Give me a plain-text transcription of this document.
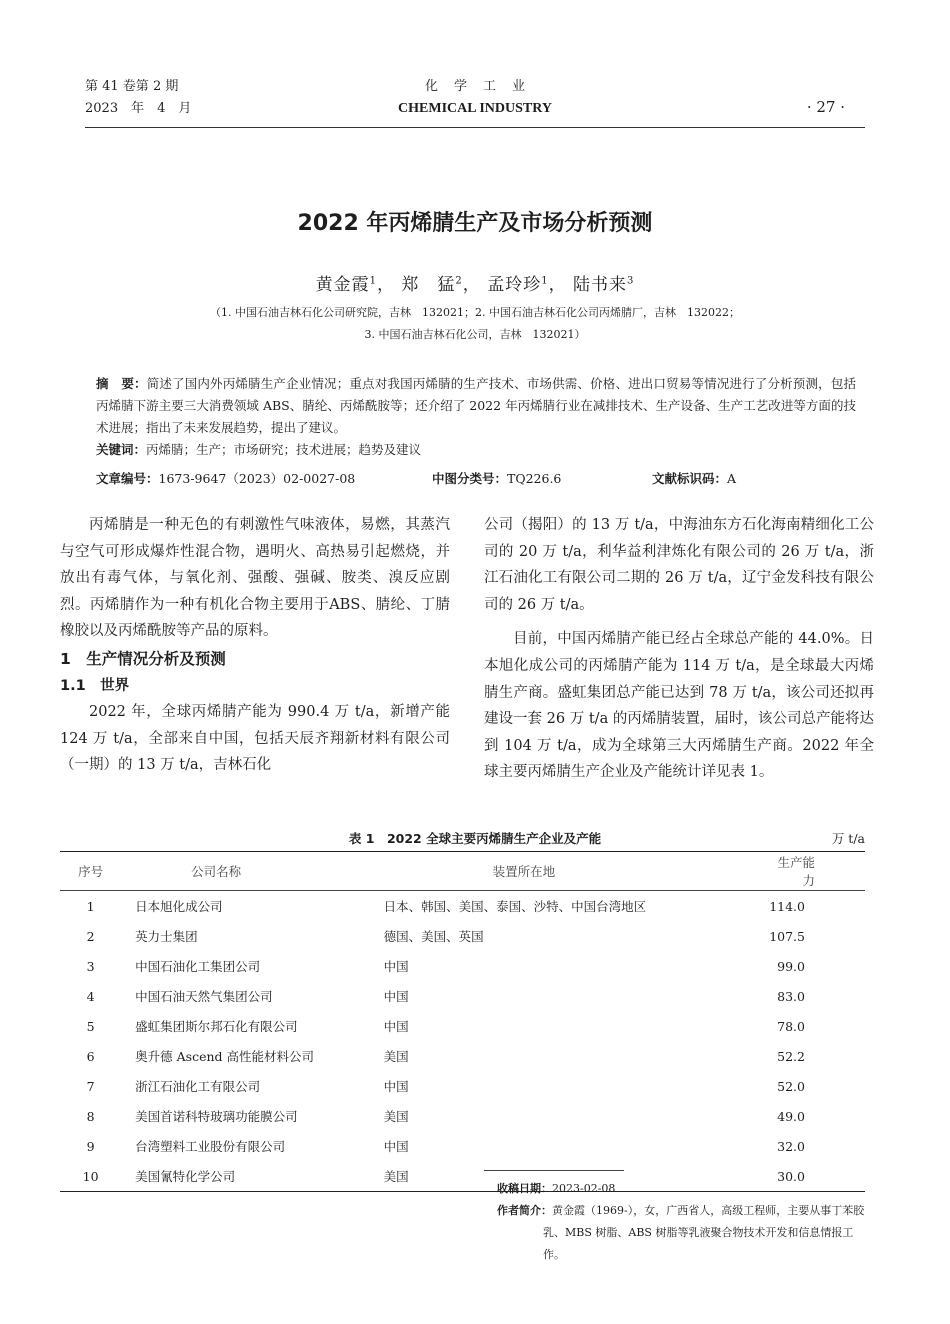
第 41 卷第 2 期
2023　年　4　月
化学工业
CHEMICAL INDUSTRY	· 27 ·
2022 年丙烯腈生产及市场分析预测
黄金霞$^1$， 郑　猛$^2$， 孟玲珍$^1$， 陆书来$^3$
（1. 中国石油吉林石化公司研究院，吉林　132021；2. 中国石油吉林石化公司丙烯腈厂，吉林　132022；
3. 中国石油吉林石化公司，吉林　132021）
摘　要：简述了国内外丙烯腈生产企业情况；重点对我国丙烯腈的生产技术、市场供需、价格、进出口贸易等情况进行了分析预测，包括丙烯腈下游主要三大消费领域 ABS、腈纶、丙烯酰胺等；还介绍了 2022 年丙烯腈行业在减排技术、生产设备、生产工艺改进等方面的技术进展；指出了未来发展趋势，提出了建议。
关键词：丙烯腈；生产；市场研究；技术进展；趋势及建议
文章编号：1673-9647（2023）02-0027-08	中图分类号：TQ226.6	文献标识码：A

丙烯腈是一种无色的有刺激性气味液体，易燃，其蒸汽与空气可形成爆炸性混合物，遇明火、高热易引起燃烧，并放出有毒气体，与氧化剂、强酸、强碱、胺类、溴反应剧烈。丙烯腈作为一种有机化合物主要用于ABS、腈纶、丁腈橡胶以及丙烯酰胺等产品的原料。

1　生产情况分析及预测

1.1　世界

2022 年，全球丙烯腈产能为 990.4 万 t/a，新增产能 124 万 t/a，全部来自中国，包括天辰齐翔新材料有限公司（一期）的 13 万 t/a，吉林石化

公司（揭阳）的 13 万 t/a，中海油东方石化海南精细化工公司的 20 万 t/a，利华益利津炼化有限公司的 26 万 t/a，浙江石油化工有限公司二期的 26 万 t/a，辽宁金发科技有限公司的 26 万 t/a。

目前，中国丙烯腈产能已经占全球总产能的 44.0%。日本旭化成公司的丙烯腈产能为 114 万 t/a，是全球最大丙烯腈生产商。盛虹集团总产能已达到 78 万 t/a，该公司还拟再建设一套 26 万 t/a 的丙烯腈装置，届时，该公司总产能将达到 104 万 t/a，成为全球第三大丙烯腈生产商。2022 年全球主要丙烯腈生产企业及产能统计详见表 1。

表 1　2022 全球主要丙烯腈生产企业及产能	万 t/a
序号	公司名称	装置所在地	生产能力
1	日本旭化成公司	日本、韩国、美国、泰国、沙特、中国台湾地区	114.0
2	英力士集团	德国、美国、英国	107.5
3	中国石油化工集团公司	中国	99.0
4	中国石油天然气集团公司	中国	83.0
5	盛虹集团斯尔邦石化有限公司	中国	78.0
6	奥升德 Ascend 高性能材料公司	美国	52.2
7	浙江石油化工有限公司	中国	52.0
8	美国首诺科特玻璃功能膜公司	美国	49.0
9	台湾塑料工业股份有限公司	中国	32.0
10	美国氰特化学公司	美国	30.0
收稿日期：2023-02-08

作者简介：黄金霞（1969-），女，广西省人，高级工程师，主要从事丁苯胶乳、MBS 树脂、ABS 树脂等乳液聚合物技术开发和信息情报工作。
